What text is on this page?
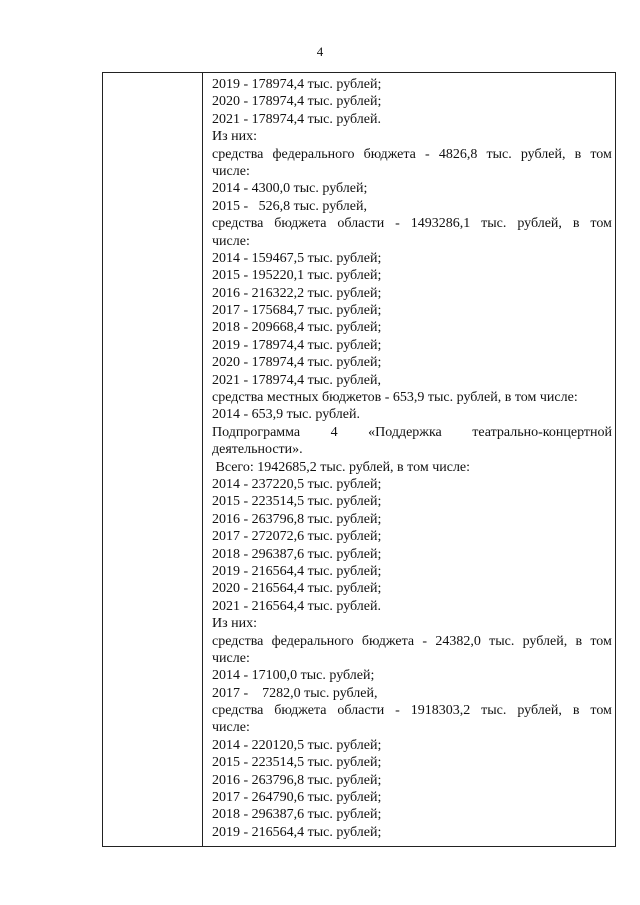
4
2019 - 178974,4 тыс. рублей;
2020 - 178974,4 тыс. рублей;
2021 - 178974,4 тыс. рублей.
Из них:
средства федерального бюджета - 4826,8 тыс. рублей, в том
числе:
2014 - 4300,0 тыс. рублей;
2015 -   526,8 тыс. рублей,
средства бюджета области - 1493286,1 тыс. рублей, в том
числе:
2014 - 159467,5 тыс. рублей;
2015 - 195220,1 тыс. рублей;
2016 - 216322,2 тыс. рублей;
2017 - 175684,7 тыс. рублей;
2018 - 209668,4 тыс. рублей;
2019 - 178974,4 тыс. рублей;
2020 - 178974,4 тыс. рублей;
2021 - 178974,4 тыс. рублей,
средства местных бюджетов - 653,9 тыс. рублей, в том числе:
2014 - 653,9 тыс. рублей.
Подпрограмма 4 «Поддержка театрально-концертной
деятельности».
Всего: 1942685,2 тыс. рублей, в том числе:
2014 - 237220,5 тыс. рублей;
2015 - 223514,5 тыс. рублей;
2016 - 263796,8 тыс. рублей;
2017 - 272072,6 тыс. рублей;
2018 - 296387,6 тыс. рублей;
2019 - 216564,4 тыс. рублей;
2020 - 216564,4 тыс. рублей;
2021 - 216564,4 тыс. рублей.
Из них:
средства федерального бюджета - 24382,0 тыс. рублей, в том
числе:
2014 - 17100,0 тыс. рублей;
2017 -    7282,0 тыс. рублей,
средства бюджета области - 1918303,2 тыс. рублей, в том
числе:
2014 - 220120,5 тыс. рублей;
2015 - 223514,5 тыс. рублей;
2016 - 263796,8 тыс. рублей;
2017 - 264790,6 тыс. рублей;
2018 - 296387,6 тыс. рублей;
2019 - 216564,4 тыс. рублей;
